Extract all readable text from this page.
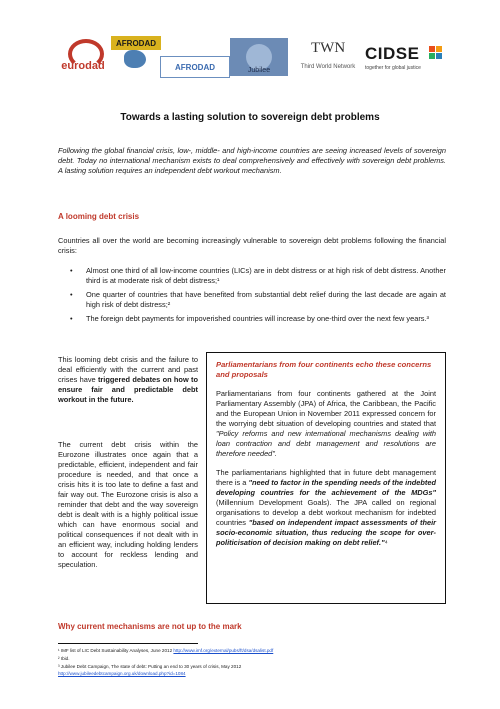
eurodad
AFRODAD
AFRODAD	Jubilee
TWN
Third World Network
CIDSE
together for global justice
Towards a lasting solution to sovereign debt problems
Following the global financial crisis, low-, middle- and high-income countries are seeing increased levels of sovereign debt. Today no international mechanism exists to deal comprehensively and effectively with sovereign debt problems. A lasting solution requires an independent debt workout mechanism.
A looming debt crisis
Countries all over the world are becoming increasingly vulnerable to sovereign debt problems following the financial crisis:
• Almost one third of all low-income countries (LICs) are in debt distress or at high risk of debt distress. Another third is at moderate risk of debt distress;¹
• One quarter of countries that have benefited from substantial debt relief during the last decade are again at high risk of debt distress;²
• The foreign debt payments for impoverished countries will increase by one-third over the next few years.³
This looming debt crisis and the failure to deal efficiently with the current and past crises have triggered debates on how to ensure fair and predictable debt workout in the future.
The current debt crisis within the Eurozone illustrates once again that a predictable, efficient, independent and fair procedure is needed, and that once a crisis hits it is too late to define a fast and fair way out. The Eurozone crisis is also a reminder that debt and the way sovereign debt is dealt with is a highly political issue which can have enormous social and political consequences if not dealt with in an efficient way, including holding lenders to account for reckless lending and speculation.
Parliamentarians from four continents echo these concerns and proposals

Parliamentarians from four continents gathered at the Joint Parliamentary Assembly (JPA) of Africa, the Caribbean, the Pacific and the European Union in November 2011 expressed concern for the worrying debt situation of developing countries and stated that "Policy reforms and new international mechanisms dealing with loan contraction and debt management and resolutions are therefore needed".

The parliamentarians highlighted that in future debt management there is a "need to factor in the spending needs of the indebted developing countries for the achievement of the MDGs" (Millennium Development Goals). The JPA called on regional organisations to develop a debt workout mechanism for indebted countries "based on independent impact assessments of their socio-economic situation, thus reducing the scope for over-politicisation of decision making on debt relief."⁴

Why current mechanisms are not up to the mark
¹ IMF list of LIC Debt Sustainability Analyses, June 2012 http://www.imf.org/external/pubs/ft/dsa/dsalist.pdf
² Ibid.
³ Jubilee Debt Campaign, The state of debt: Putting an end to 30 years of crisis, May 2012
http://www.jubileedebtcampaign.org.uk/download.php?id=1084
